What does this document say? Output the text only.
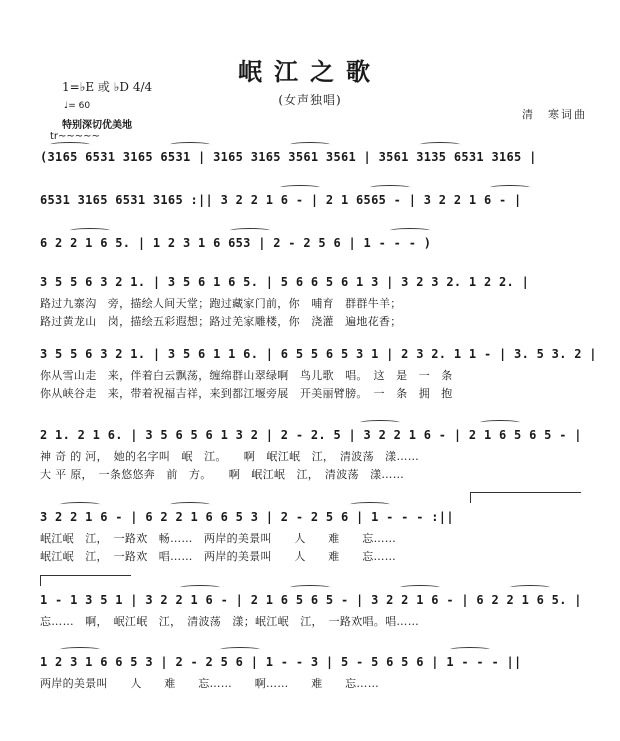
岷江之歌
(女声独唱)
1=♭E 或 ♭D 4/4
♩= 60
特别深切优美地
清　寒词曲
tr~~~~~
(3165 6531 3165 6531 | 3165 3165 3561 3561 | 3561 3135 6531 3165 |
6531 3165 6531 3165 :|| 3 2 2 1 6 - | 2 1 6565 - | 3 2 2 1 6 - |
6 2 2 1 6 5. | 1 2 3 1 6 653 | 2 - 2 5 6 | 1 - - - )
3 5 5 6 3 2 1. | 3 5 6 1 6 5. | 5 6 6 5 6 1 3 | 3 2 3 2. 1 2 2. |
路过九寨沟　旁，描绘人间天堂；跑过藏家门前，你　哺育　群群牛羊；
路过黄龙山　岗，描绘五彩遐想；路过羌家雕楼，你　浇灌　遍地花香；
3 5 5 6 3 2 1. | 3 5 6 1 1 6. | 6 5 5 6 5 3 1 | 2 3 2. 1 1 - | 3. 5 3. 2 |
你从雪山走　来，伴着白云飘荡，缠绵群山翠绿啊　鸟儿歌　唱。　这　是　一　条
你从峡谷走　来，带着祝福吉祥，来到都江堰旁展　开美丽臂膀。　一　条　拥　抱
2 1. 2 1 6. | 3 5 6 5 6 1 3 2 | 2 - 2. 5 | 3 2 2 1 6 - | 2 1 6 5 6 5 - |
神 奇 的 河，　她的名字叫　岷　江。　　啊　岷江岷　江，　清波荡　漾……
大 平 原，　一条悠悠奔　前　方。　　啊　岷江岷　江，　清波荡　漾……
3 2 2 1 6 - | 6 2 2 1 6 6 5 3 | 2 - 2 5 6 | 1 - - - :||
岷江岷　江，　一路欢　畅……　两岸的美景叫　　人　　难　　忘……
岷江岷　江，　一路欢　唱……　两岸的美景叫　　人　　难　　忘……
1 - 1 3 5 1 | 3 2 2 1 6 - | 2 1 6 5 6 5 - | 3 2 2 1 6 - | 6 2 2 1 6 5. |
忘……　啊，　岷江岷　江，　清波荡　漾；岷江岷　江，　一路欢唱。唱……
1 2 3 1 6 6 5 3 | 2 - 2 5 6 | 1 - - 3 | 5 - 5 6 5 6 | 1 - - - ||
两岸的美景叫　　人　　难　　忘……　　啊……　　难　　忘……
